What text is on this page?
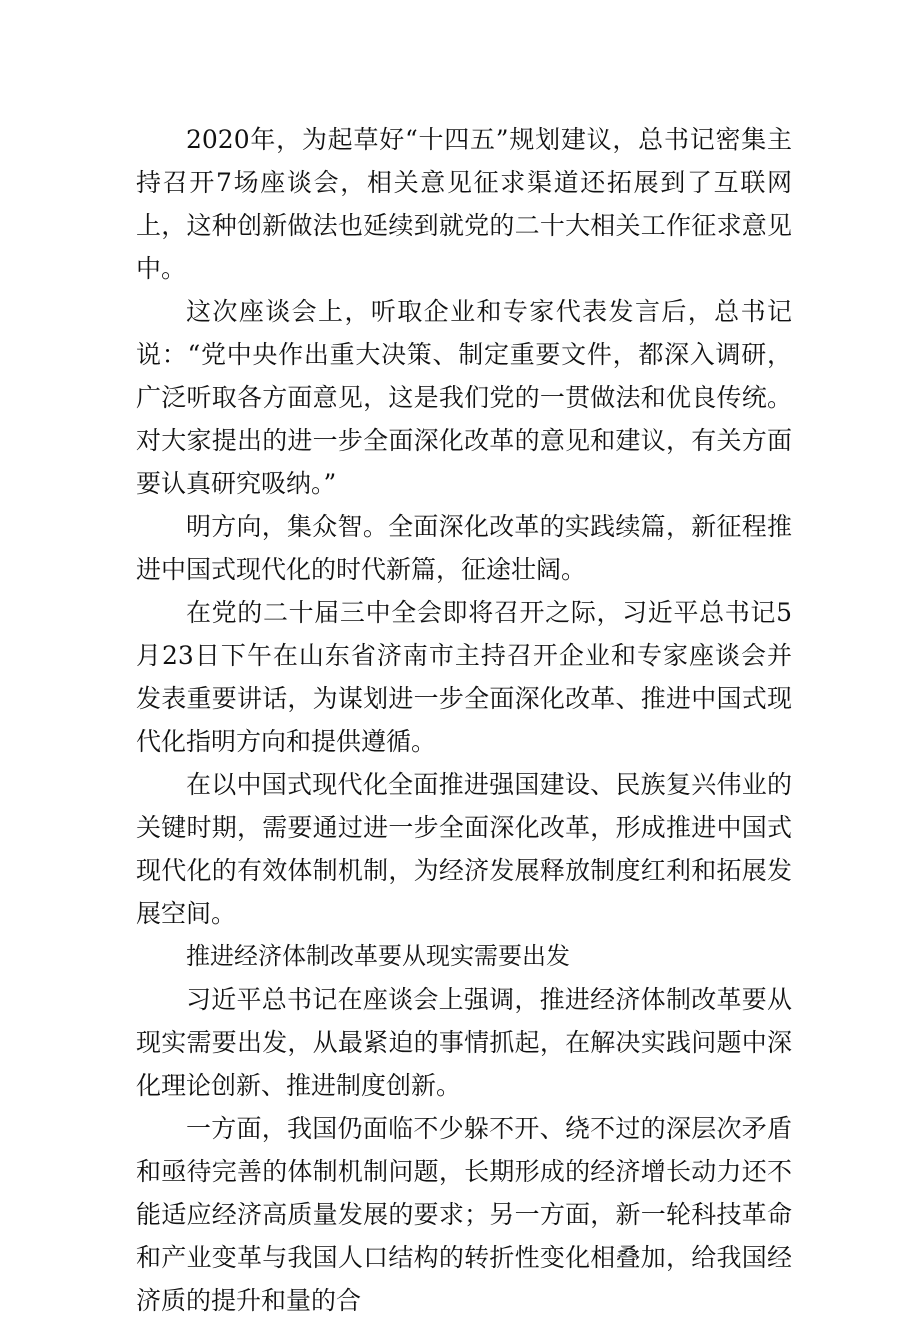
2020年，为起草好“十四五”规划建议，总书记密集主持召开7场座谈会，相关意见征求渠道还拓展到了互联网上，这种创新做法也延续到就党的二十大相关工作征求意见中。

这次座谈会上，听取企业和专家代表发言后，总书记说：“党中央作出重大决策、制定重要文件，都深入调研，广泛听取各方面意见，这是我们党的一贯做法和优良传统。对大家提出的进一步全面深化改革的意见和建议，有关方面要认真研究吸纳。”

明方向，集众智。全面深化改革的实践续篇，新征程推进中国式现代化的时代新篇，征途壮阔。

在党的二十届三中全会即将召开之际，习近平总书记5月23日下午在山东省济南市主持召开企业和专家座谈会并发表重要讲话，为谋划进一步全面深化改革、推进中国式现代化指明方向和提供遵循。

在以中国式现代化全面推进强国建设、民族复兴伟业的关键时期，需要通过进一步全面深化改革，形成推进中国式现代化的有效体制机制，为经济发展释放制度红利和拓展发展空间。

推进经济体制改革要从现实需要出发

习近平总书记在座谈会上强调，推进经济体制改革要从现实需要出发，从最紧迫的事情抓起，在解决实践问题中深化理论创新、推进制度创新。

一方面，我国仍面临不少躲不开、绕不过的深层次矛盾和亟待完善的体制机制问题，长期形成的经济增长动力还不能适应经济高质量发展的要求；另一方面，新一轮科技革命和产业变革与我国人口结构的转折性变化相叠加，给我国经济质的提升和量的合
